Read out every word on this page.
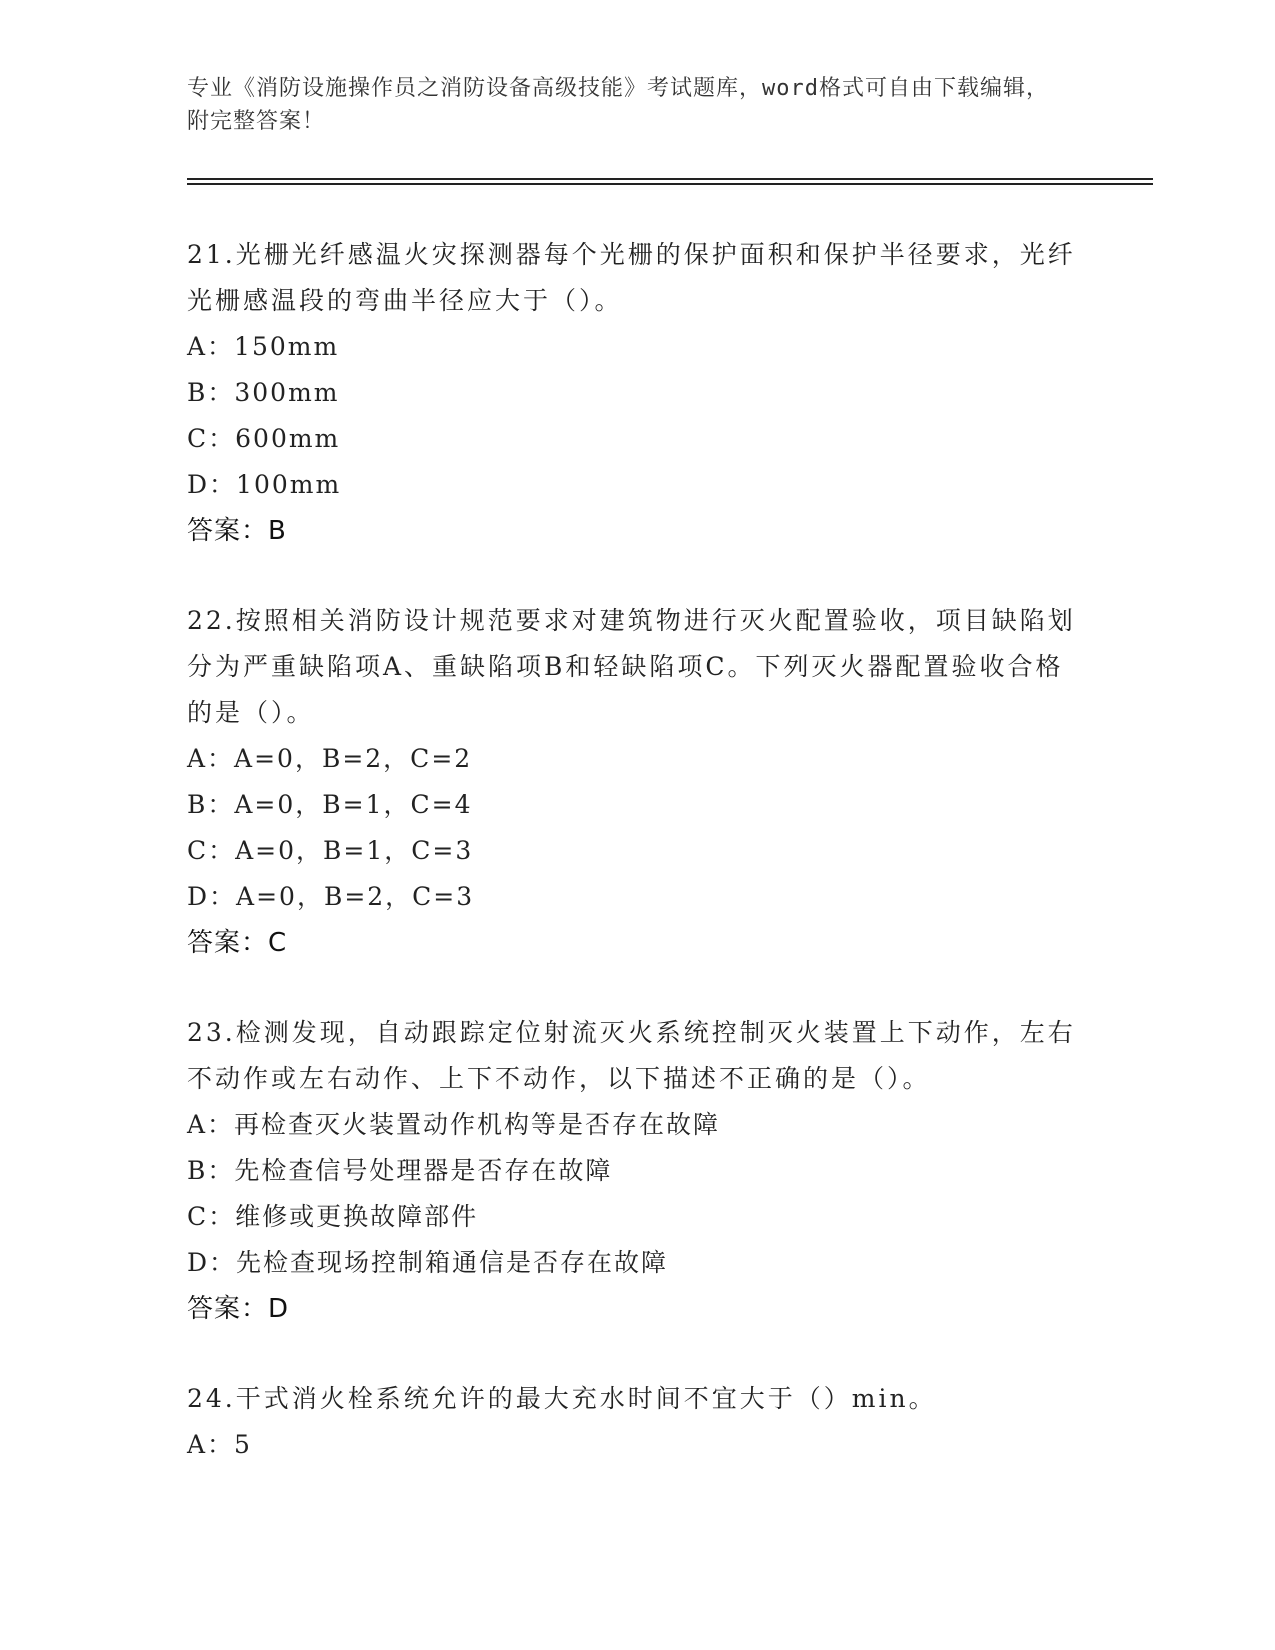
专业《消防设施操作员之消防设备高级技能》考试题库，word格式可自由下载编辑，附完整答案！

21.光栅光纤感温火灾探测器每个光栅的保护面积和保护半径要求，光纤光栅感温段的弯曲半径应大于（）。

A：150mm

B：300mm

C：600mm

D：100mm

答案：B

22.按照相关消防设计规范要求对建筑物进行灭火配置验收，项目缺陷划分为严重缺陷项A、重缺陷项B和轻缺陷项C。下列灭火器配置验收合格的是（）。

A：A=0，B=2，C=2

B：A=0，B=1，C=4

C：A=0，B=1，C=3

D：A=0，B=2，C=3

答案：C

23.检测发现，自动跟踪定位射流灭火系统控制灭火装置上下动作，左右不动作或左右动作、上下不动作，以下描述不正确的是（）。

A：再检查灭火装置动作机构等是否存在故障

B：先检查信号处理器是否存在故障

C：维修或更换故障部件

D：先检查现场控制箱通信是否存在故障

答案：D

24.干式消火栓系统允许的最大充水时间不宜大于（）min。

A：5
